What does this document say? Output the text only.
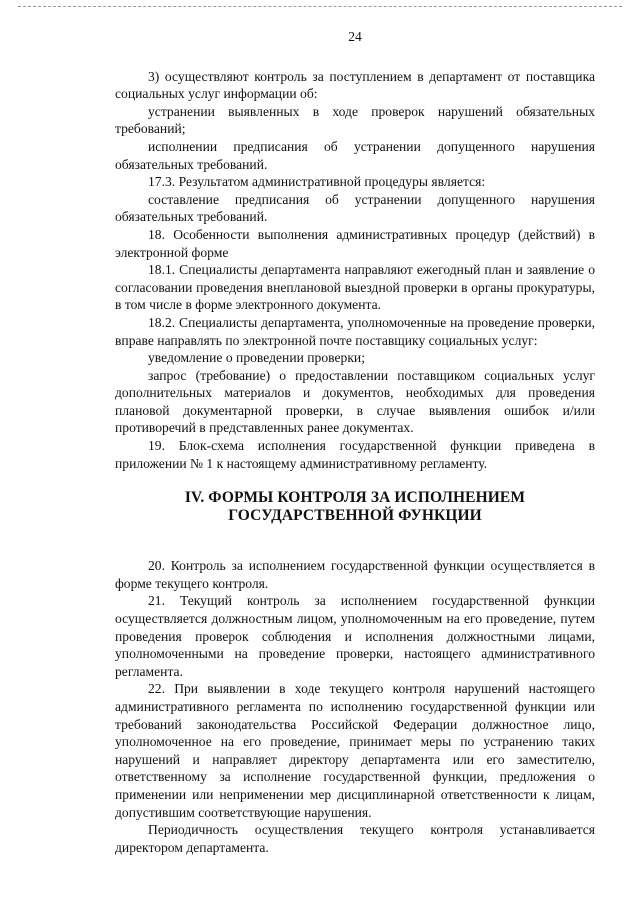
24

3) осуществляют контроль за поступлением в департамент от поставщика социальных услуг информации об:

устранении выявленных в ходе проверок нарушений обязательных требований;

исполнении предписания об устранении допущенного нарушения обязательных требований.

17.3. Результатом административной процедуры является:

составление предписания об устранении допущенного нарушения обязательных требований.

18. Особенности выполнения административных процедур (действий) в электронной форме

18.1. Специалисты департамента направляют ежегодный план и заявление о согласовании проведения внеплановой выездной проверки в органы прокуратуры, в том числе в форме электронного документа.

18.2. Специалисты департамента, уполномоченные на проведение проверки, вправе направлять по электронной почте поставщику социальных услуг:

уведомление о проведении проверки;

запрос (требование) о предоставлении поставщиком социальных услуг дополнительных материалов и документов, необходимых для проведения плановой документарной проверки, в случае выявления ошибок и/или противоречий в представленных ранее документах.

19. Блок-схема исполнения государственной функции приведена в приложении № 1 к настоящему административному регламенту.

IV. ФОРМЫ КОНТРОЛЯ ЗА ИСПОЛНЕНИЕМ
ГОСУДАРСТВЕННОЙ ФУНКЦИИ

20. Контроль за исполнением государственной функции осуществляется в форме текущего контроля.

21. Текущий контроль за исполнением государственной функции осуществляется должностным лицом, уполномоченным на его проведение, путем проведения проверок соблюдения и исполнения должностными лицами, уполномоченными на проведение проверки, настоящего административного регламента.

22. При выявлении в ходе текущего контроля нарушений настоящего административного регламента по исполнению государственной функции или требований законодательства Российской Федерации должностное лицо, уполномоченное на его проведение, принимает меры по устранению таких нарушений и направляет директору департамента или его заместителю, ответственному за исполнение государственной функции, предложения о применении или неприменении мер дисциплинарной ответственности к лицам, допустившим соответствующие нарушения.

Периодичность осуществления текущего контроля устанавливается директором департамента.
